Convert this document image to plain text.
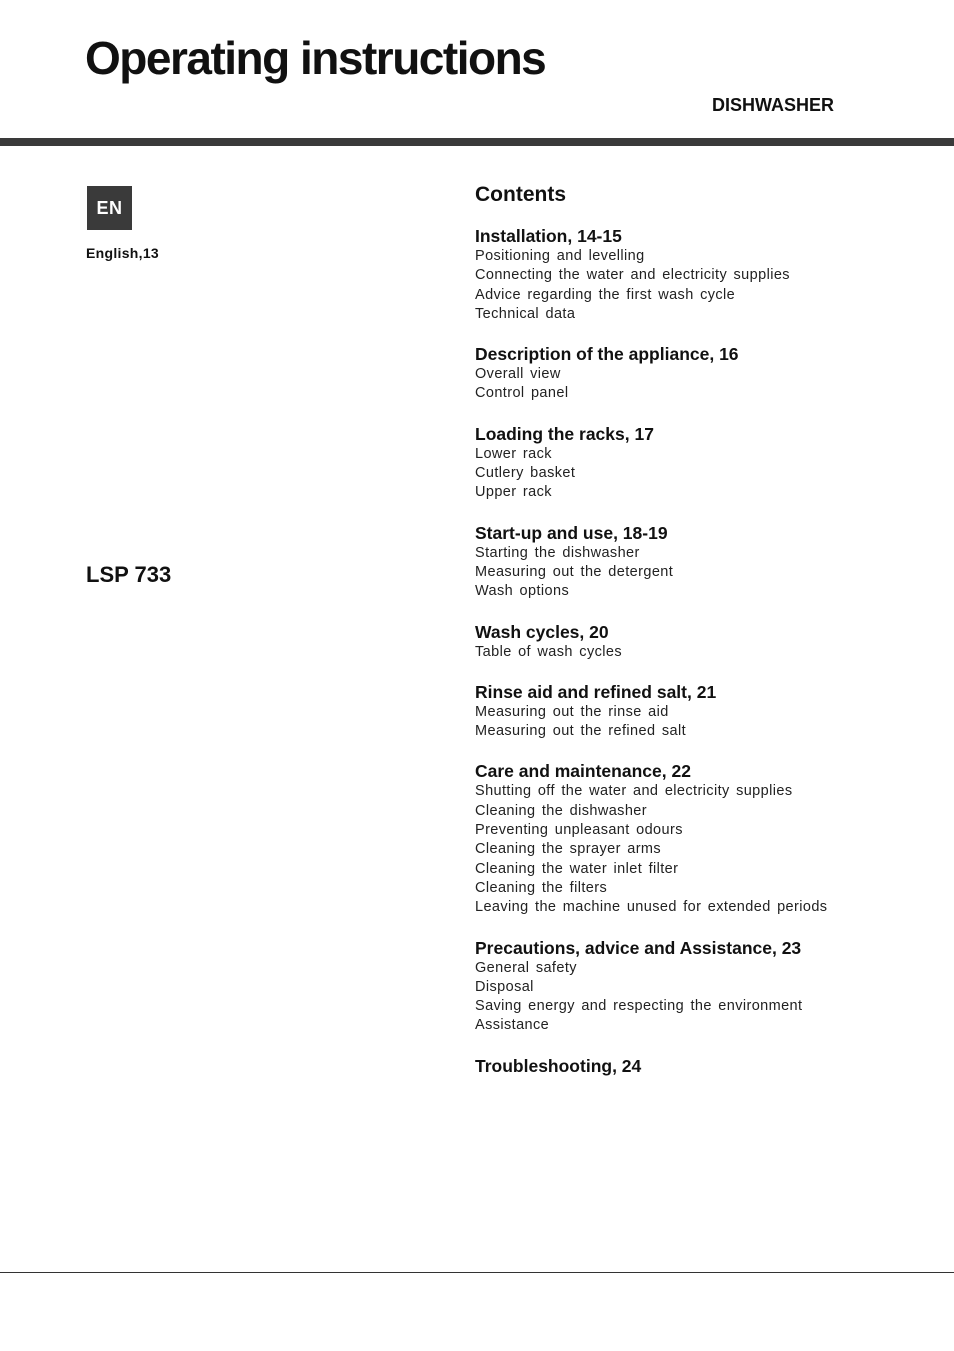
Operating instructions
DISHWASHER
EN
English,13
LSP 733
Contents
Installation, 14-15
Positioning and levelling
Connecting the water and electricity supplies
Advice regarding the first wash cycle
Technical data
Description of the appliance, 16
Overall view
Control panel
Loading the racks, 17
Lower rack
Cutlery basket
Upper rack
Start-up and use, 18-19
Starting the dishwasher
Measuring out the detergent
Wash options
Wash cycles, 20
Table of wash cycles
Rinse aid and refined salt, 21
Measuring out the rinse aid
Measuring out the refined salt
Care and maintenance, 22
Shutting off the water and electricity supplies
Cleaning the dishwasher
Preventing unpleasant odours
Cleaning the sprayer arms
Cleaning the water inlet filter
Cleaning the filters
Leaving the machine unused for extended periods
Precautions, advice and Assistance, 23
General safety
Disposal
Saving energy and respecting the environment
Assistance
Troubleshooting, 24
